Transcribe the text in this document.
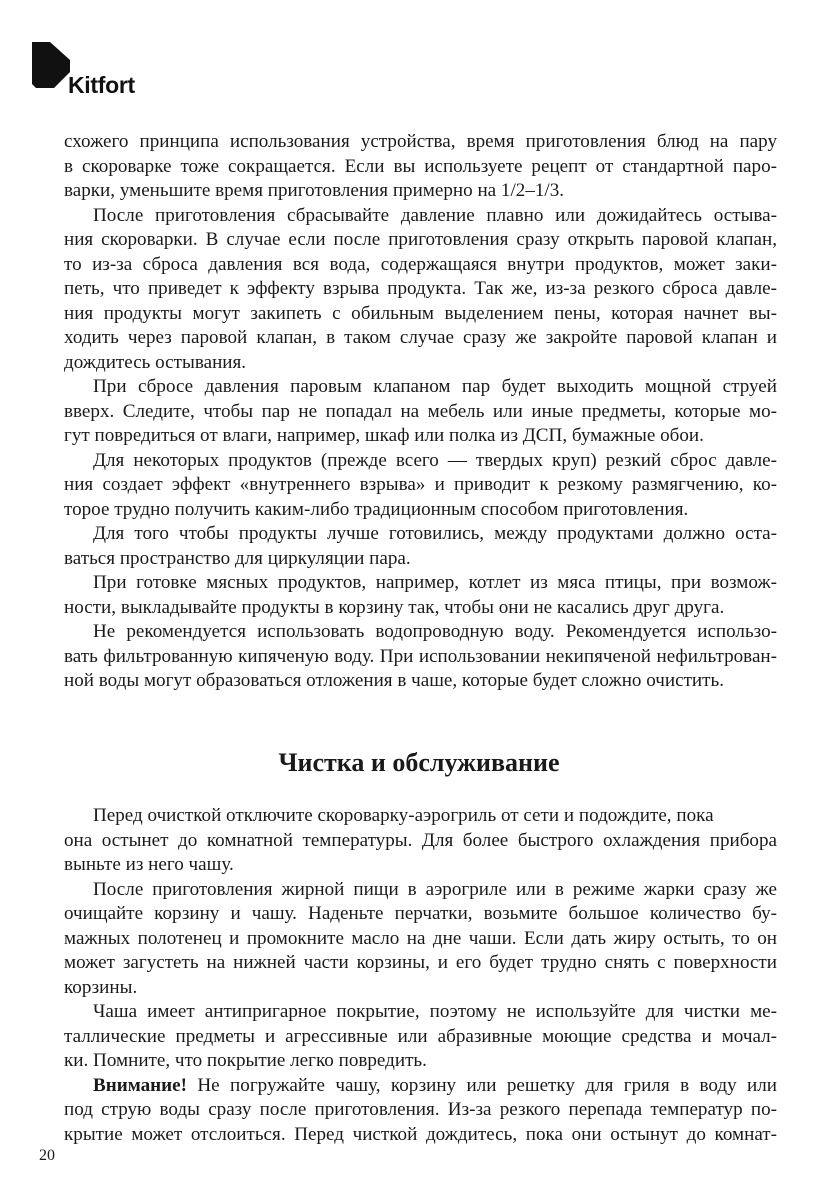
Kitfort
схожего принципа использования устройства, время приготовления блюд на пару
в скороварке тоже сокращается. Если вы используете рецепт от стандартной паро-
варки, уменьшите время приготовления примерно на 1/2–1/3.
После приготовления сбрасывайте давление плавно или дожидайтесь остыва-
ния скороварки. В случае если после приготовления сразу открыть паровой клапан,
то из-за сброса давления вся вода, содержащаяся внутри продуктов, может заки-
петь, что приведет к эффекту взрыва продукта. Так же, из-за резкого сброса давле-
ния продукты могут закипеть с обильным выделением пены, которая начнет вы-
ходить через паровой клапан, в таком случае сразу же закройте паровой клапан и
дождитесь остывания.
При сбросе давления паровым клапаном пар будет выходить мощной струей
вверх. Следите, чтобы пар не попадал на мебель или иные предметы, которые мо-
гут повредиться от влаги, например, шкаф или полка из ДСП, бумажные обои.
Для некоторых продуктов (прежде всего — твердых круп) резкий сброс давле-
ния создает эффект «внутреннего взрыва» и приводит к резкому размягчению, ко-
торое трудно получить каким-либо традиционным способом приготовления.
Для того чтобы продукты лучше готовились, между продуктами должно оста-
ваться пространство для циркуляции пара.
При готовке мясных продуктов, например, котлет из мяса птицы, при возмож-
ности, выкладывайте продукты в корзину так, чтобы они не касались друг друга.
Не рекомендуется использовать водопроводную воду. Рекомендуется использо-
вать фильтрованную кипяченую воду. При использовании некипяченой нефильтрован-
ной воды могут образоваться отложения в чаше, которые будет сложно очистить.
Чистка и обслуживание
Перед очисткой отключите скороварку-аэрогриль от сети и подождите, пока
она остынет до комнатной температуры. Для более быстрого охлаждения прибора
выньте из него чашу.
После приготовления жирной пищи в аэрогриле или в режиме жарки сразу же
очищайте корзину и чашу. Наденьте перчатки, возьмите большое количество бу-
мажных полотенец и промокните масло на дне чаши. Если дать жиру остыть, то он
может загустеть на нижней части корзины, и его будет трудно снять с поверхности
корзины.
Чаша имеет антипригарное покрытие, поэтому не используйте для чистки ме-
таллические предметы и агрессивные или абразивные моющие средства и мочал-
ки. Помните, что покрытие легко повредить.
Внимание! Не погружайте чашу, корзину или решетку для гриля в воду или
под струю воды сразу после приготовления. Из-за резкого перепада температур по-
крытие может отслоиться. Перед чисткой дождитесь, пока они остынут до комнат-
20
